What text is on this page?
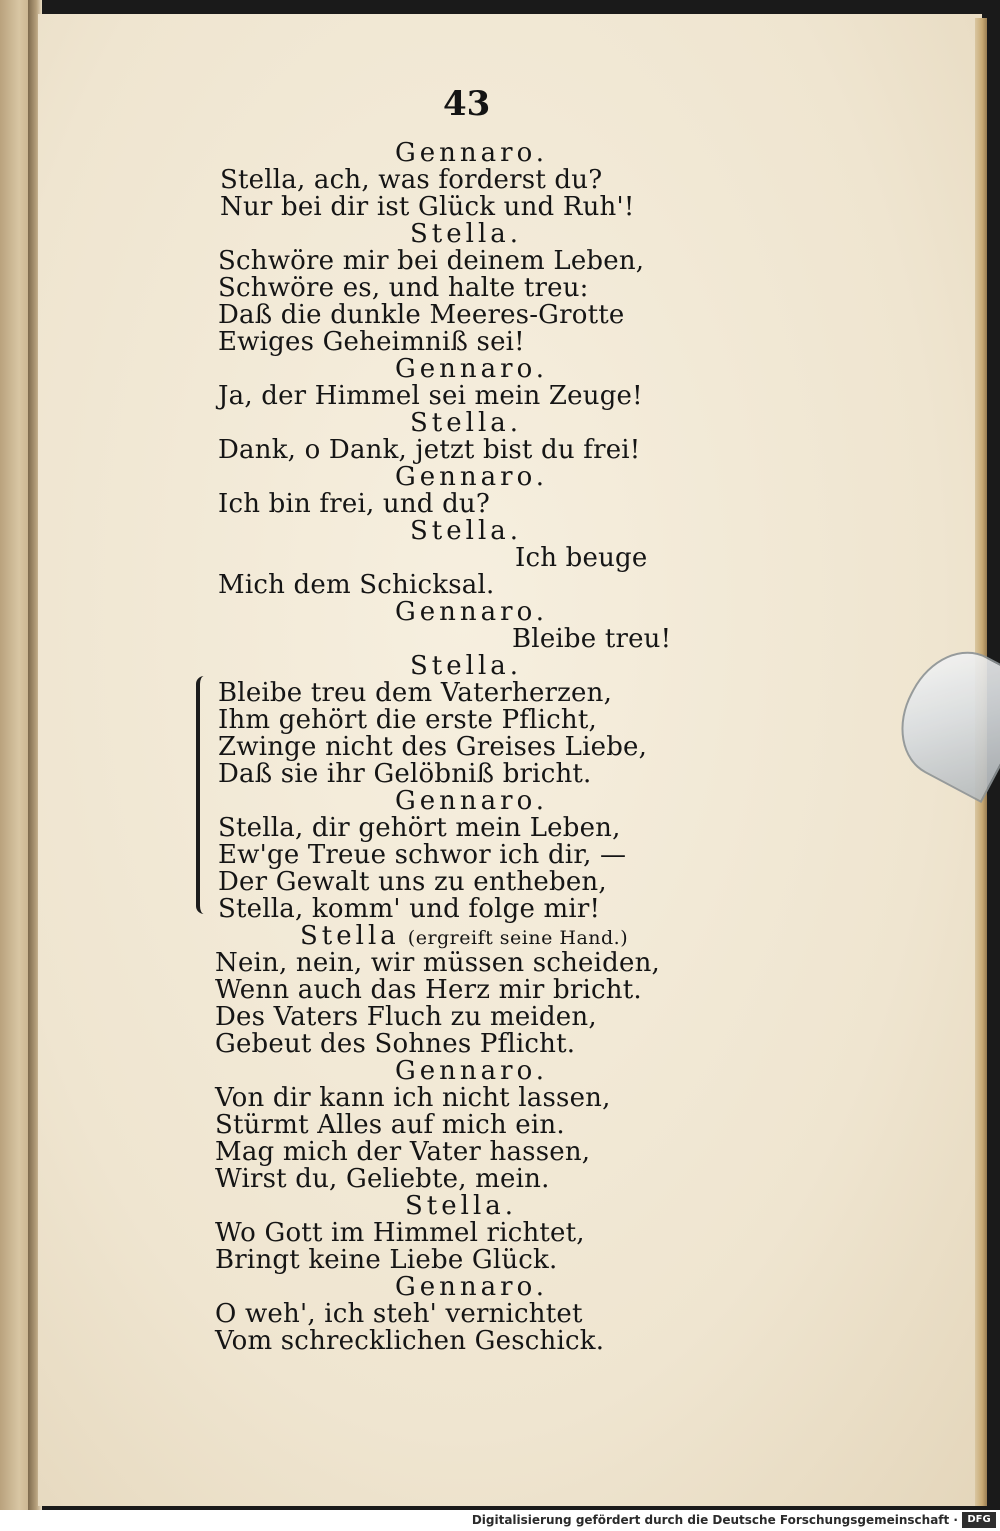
43
Gennaro.
Stella, ach, was forderst du?
Nur bei dir ist Glück und Ruh'!
Stella.
Schwöre mir bei deinem Leben,
Schwöre es, und halte treu:
Daß die dunkle Meeres-Grotte
Ewiges Geheimniß sei!
Gennaro.
Ja, der Himmel sei mein Zeuge!
Stella.
Dank, o Dank, jetzt bist du frei!
Gennaro.
Ich bin frei, und du?
Stella.
Ich beuge
Mich dem Schicksal.
Gennaro.
Bleibe treu!
Stella.
Bleibe treu dem Vaterherzen,
Ihm gehört die erste Pflicht,
Zwinge nicht des Greises Liebe,
Daß sie ihr Gelöbniß bricht.
Gennaro.
Stella, dir gehört mein Leben,
Ew'ge Treue schwor ich dir, —
Der Gewalt uns zu entheben,
Stella, komm' und folge mir!
Stella (ergreift seine Hand.)
Nein, nein, wir müssen scheiden,
Wenn auch das Herz mir bricht.
Des Vaters Fluch zu meiden,
Gebeut des Sohnes Pflicht.
Gennaro.
Von dir kann ich nicht lassen,
Stürmt Alles auf mich ein.
Mag mich der Vater hassen,
Wirst du, Geliebte, mein.
Stella.
Wo Gott im Himmel richtet,
Bringt keine Liebe Glück.
Gennaro.
O weh', ich steh' vernichtet
Vom schrecklichen Geschick.
Digitalisierung gefördert durch die Deutsche Forschungsgemeinschaft · DFG
